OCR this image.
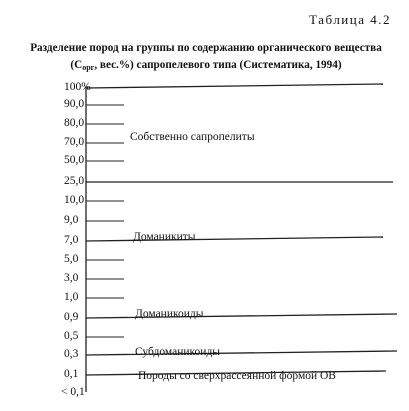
Таблица 4.2
Разделение пород на группы по содержанию органического вещества
($С_{орг}$, вес.%) сапропелевого типа (Систематика, 1994)
100%
90,0
80,0
70,0
50,0
25,0
10,0
9,0
7,0
5,0
3,0
1,0
0,9
0,5
0,3
0,1
< 0,1
Собственно сапропелиты
Доманикиты
Доманикоиды
Субдоманикоиды
Породы со сверхрассеянной формой ОВ
